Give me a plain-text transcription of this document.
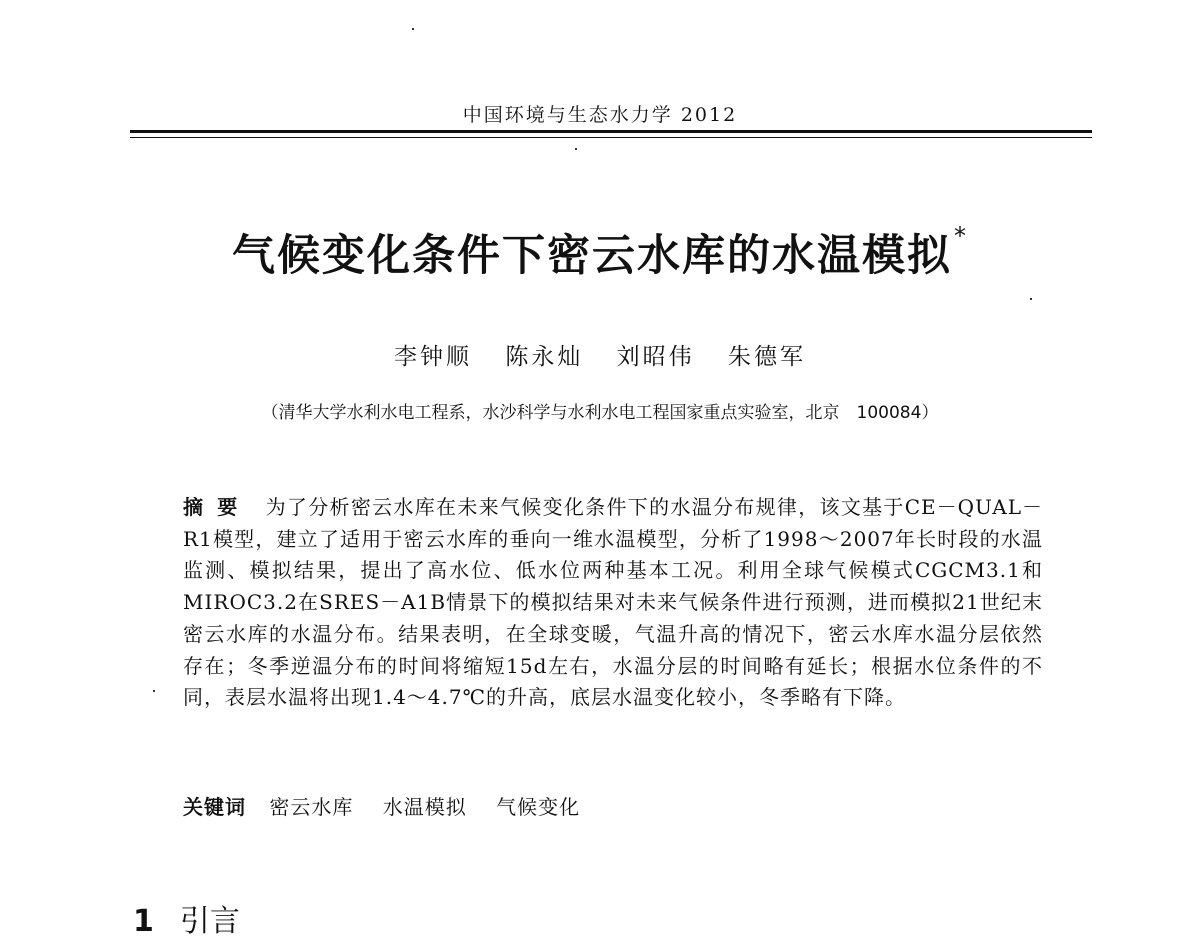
中国环境与生态水力学 2012
气候变化条件下密云水库的水温模拟*
李钟顺 陈永灿 刘昭伟 朱德军
（清华大学水利水电工程系，水沙科学与水利水电工程国家重点实验室，北京　100084）
摘要 为了分析密云水库在未来气候变化条件下的水温分布规律，该文基于CE－QUAL－R1模型，建立了适用于密云水库的垂向一维水温模型，分析了1998～2007年长时段的水温监测、模拟结果，提出了高水位、低水位两种基本工况。利用全球气候模式CGCM3.1和MIROC3.2在SRES－A1B情景下的模拟结果对未来气候条件进行预测，进而模拟21世纪末密云水库的水温分布。结果表明，在全球变暖，气温升高的情况下，密云水库水温分层依然存在；冬季逆温分布的时间将缩短15d左右，水温分层的时间略有延长；根据水位条件的不同，表层水温将出现1.4～4.7℃的升高，底层水温变化较小，冬季略有下降。
关键词 密云水库 水温模拟 气候变化
1 引言
